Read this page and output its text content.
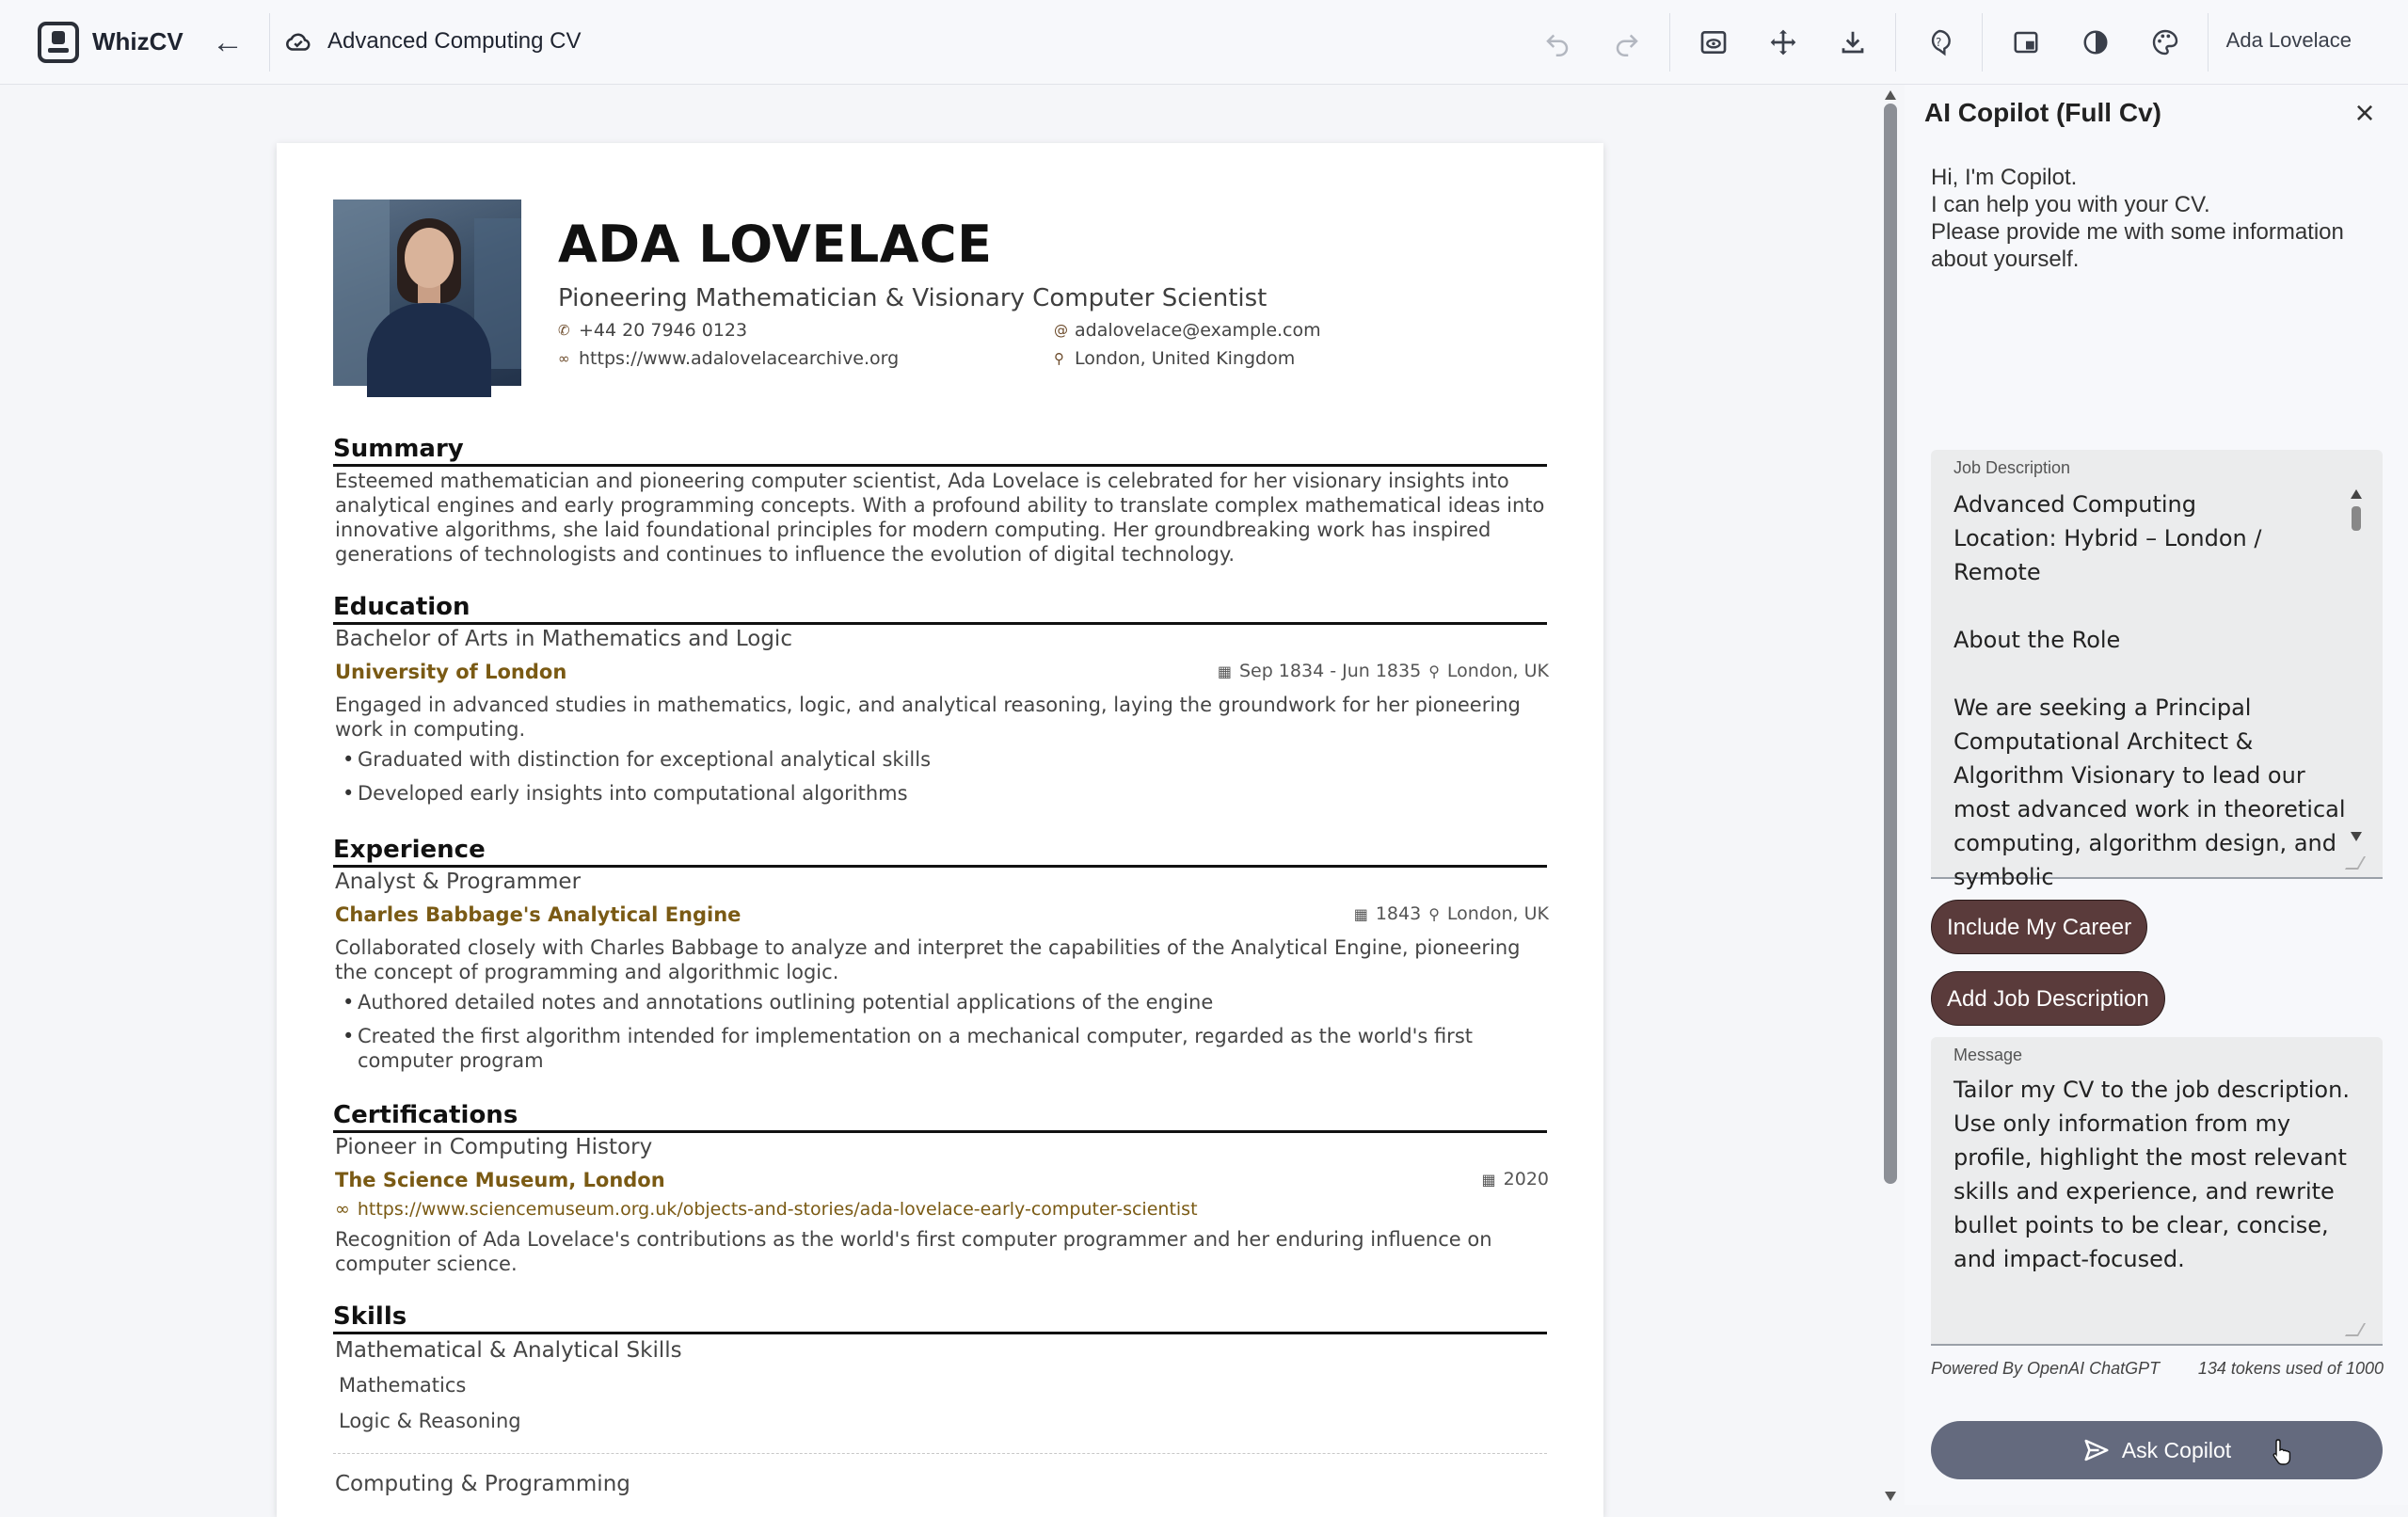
WhizCV ←	Advanced Computing CV	?	Ada Lovelace
ADA LOVELACE
Pioneering Mathematician & Visionary Computer Scientist
✆ +44 20 7946 0123	@ adalovelace@example.com
∞ https://www.adalovelacearchive.org	⚲ London, United Kingdom
Summary
Esteemed mathematician and pioneering computer scientist, Ada Lovelace is celebrated for her visionary insights into analytical engines and early programming concepts. With a profound ability to translate complex mathematical ideas into innovative algorithms, she laid foundational principles for modern computing. Her groundbreaking work has inspired generations of technologists and continues to influence the evolution of digital technology.
Education
Bachelor of Arts in Mathematics and Logic
University of London	▦ Sep 1834 - Jun 1835 ⚲ London, UK
Engaged in advanced studies in mathematics, logic, and analytical reasoning, laying the groundwork for her pioneering work in computing.
• Graduated with distinction for exceptional analytical skills
• Developed early insights into computational algorithms
Experience
Analyst & Programmer
Charles Babbage's Analytical Engine	▦ 1843 ⚲ London, UK
Collaborated closely with Charles Babbage to analyze and interpret the capabilities of the Analytical Engine, pioneering the concept of programming and algorithmic logic.
• Authored detailed notes and annotations outlining potential applications of the engine
• Created the first algorithm intended for implementation on a mechanical computer, regarded as the world's first computer program
Certifications
Pioneer in Computing History
The Science Museum, London	▦ 2020
∞ https://www.sciencemuseum.org.uk/objects-and-stories/ada-lovelace-early-computer-scientist
Recognition of Ada Lovelace's contributions as the world's first computer programmer and her enduring influence on computer science.
Skills
Mathematical & Analytical Skills
Mathematics
Logic & Reasoning
Computing & Programming
AI Copilot (Full Cv)	×
Hi, I'm Copilot.
I can help you with your CV.
Please provide me with some information about yourself.
Job Description
Advanced Computing
Location: Hybrid – London / Remote

About the Role

We are seeking a Principal Computational Architect & Algorithm Visionary to lead our most advanced work in theoretical computing, algorithm design, and symbolic
Include My Career
Add Job Description
Message
Tailor my CV to the job description. Use only information from my profile, highlight the most relevant skills and experience, and rewrite bullet points to be clear, concise, and impact-focused.
Powered By OpenAI ChatGPT 134 tokens used of 1000
Ask Copilot
